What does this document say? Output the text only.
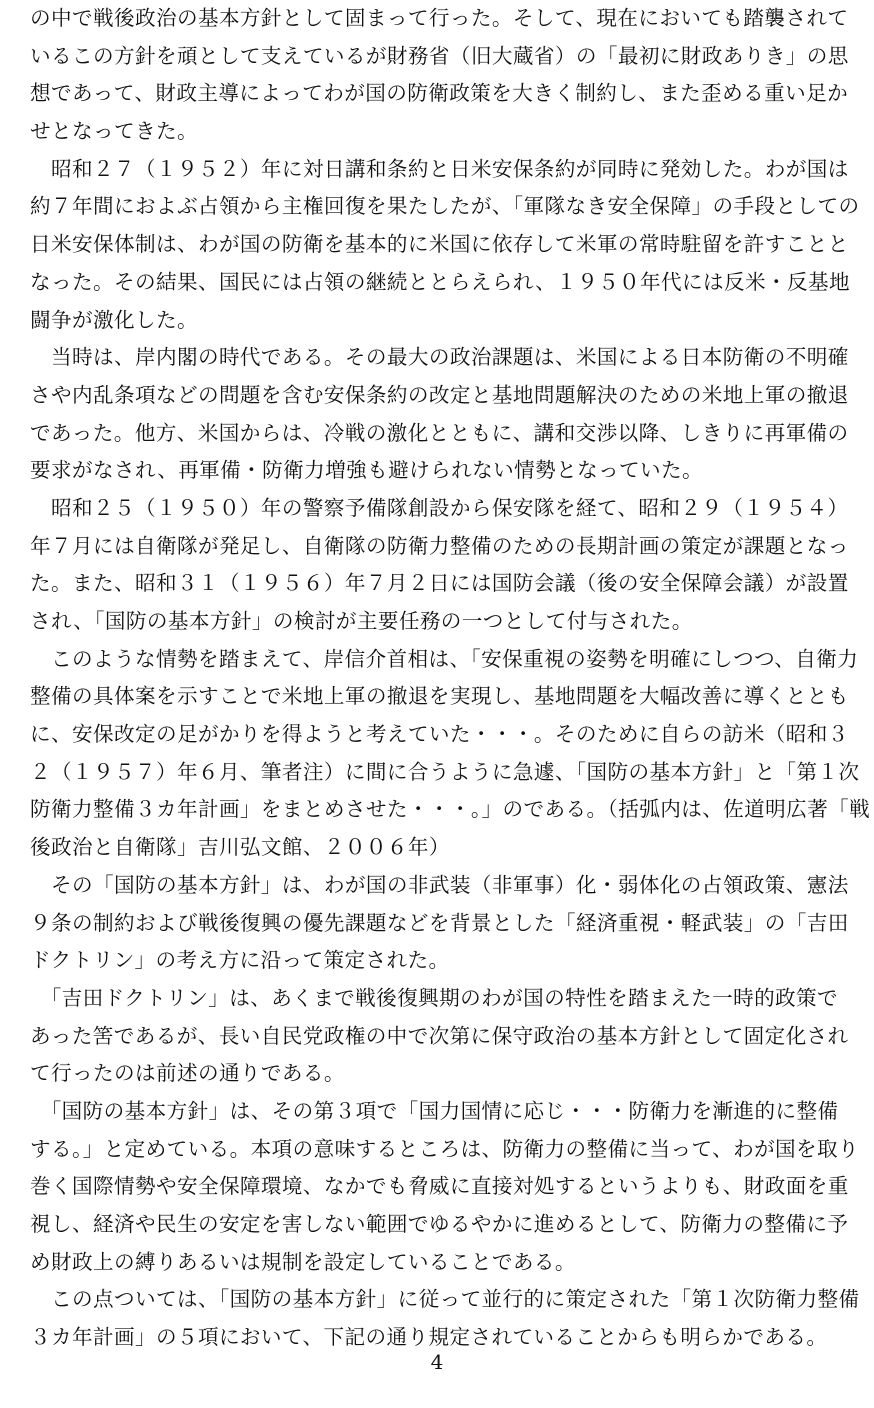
の中で戦後政治の基本方針として固まって行った。そして、現在においても踏襲されて
いるこの方針を頑として支えているが財務省（旧大蔵省）の「最初に財政ありき」の思
想であって、財政主導によってわが国の防衛政策を大きく制約し、また歪める重い足か
せとなってきた。
　昭和２７（１９５２）年に対日講和条約と日米安保条約が同時に発効した。わが国は
約７年間におよぶ占領から主権回復を果たしたが、「軍隊なき安全保障」の手段としての
日米安保体制は、わが国の防衛を基本的に米国に依存して米軍の常時駐留を許すことと
なった。その結果、国民には占領の継続ととらえられ、１９５０年代には反米・反基地
闘争が激化した。
　当時は、岸内閣の時代である。その最大の政治課題は、米国による日本防衛の不明確
さや内乱条項などの問題を含む安保条約の改定と基地問題解決のための米地上軍の撤退
であった。他方、米国からは、冷戦の激化とともに、講和交渉以降、しきりに再軍備の
要求がなされ、再軍備・防衛力増強も避けられない情勢となっていた。
　昭和２５（１９５０）年の警察予備隊創設から保安隊を経て、昭和２９（１９５４）
年７月には自衛隊が発足し、自衛隊の防衛力整備のための長期計画の策定が課題となっ
た。また、昭和３１（１９５６）年７月２日には国防会議（後の安全保障会議）が設置
され、「国防の基本方針」の検討が主要任務の一つとして付与された。
　このような情勢を踏まえて、岸信介首相は、「安保重視の姿勢を明確にしつつ、自衛力
整備の具体案を示すことで米地上軍の撤退を実現し、基地問題を大幅改善に導くととも
に、安保改定の足がかりを得ようと考えていた・・・。そのために自らの訪米（昭和３
２（１９５７）年６月、筆者注）に間に合うように急遽、「国防の基本方針」と「第１次
防衛力整備３カ年計画」をまとめさせた・・・。」のである。（括弧内は、佐道明広著「戦
後政治と自衛隊」吉川弘文館、２００６年）
　その「国防の基本方針」は、わが国の非武装（非軍事）化・弱体化の占領政策、憲法
９条の制約および戦後復興の優先課題などを背景とした「経済重視・軽武装」の「吉田
ドクトリン」の考え方に沿って策定された。
　「吉田ドクトリン」は、あくまで戦後復興期のわが国の特性を踏まえた一時的政策で
あった筈であるが、長い自民党政権の中で次第に保守政治の基本方針として固定化され
て行ったのは前述の通りである。
　「国防の基本方針」は、その第３項で「国力国情に応じ・・・防衛力を漸進的に整備
する。」と定めている。本項の意味するところは、防衛力の整備に当って、わが国を取り
巻く国際情勢や安全保障環境、なかでも脅威に直接対処するというよりも、財政面を重
視し、経済や民生の安定を害しない範囲でゆるやかに進めるとして、防衛力の整備に予
め財政上の縛りあるいは規制を設定していることである。
　この点ついては、「国防の基本方針」に従って並行的に策定された「第１次防衛力整備
３カ年計画」の５項において、下記の通り規定されていることからも明らかである。
4
